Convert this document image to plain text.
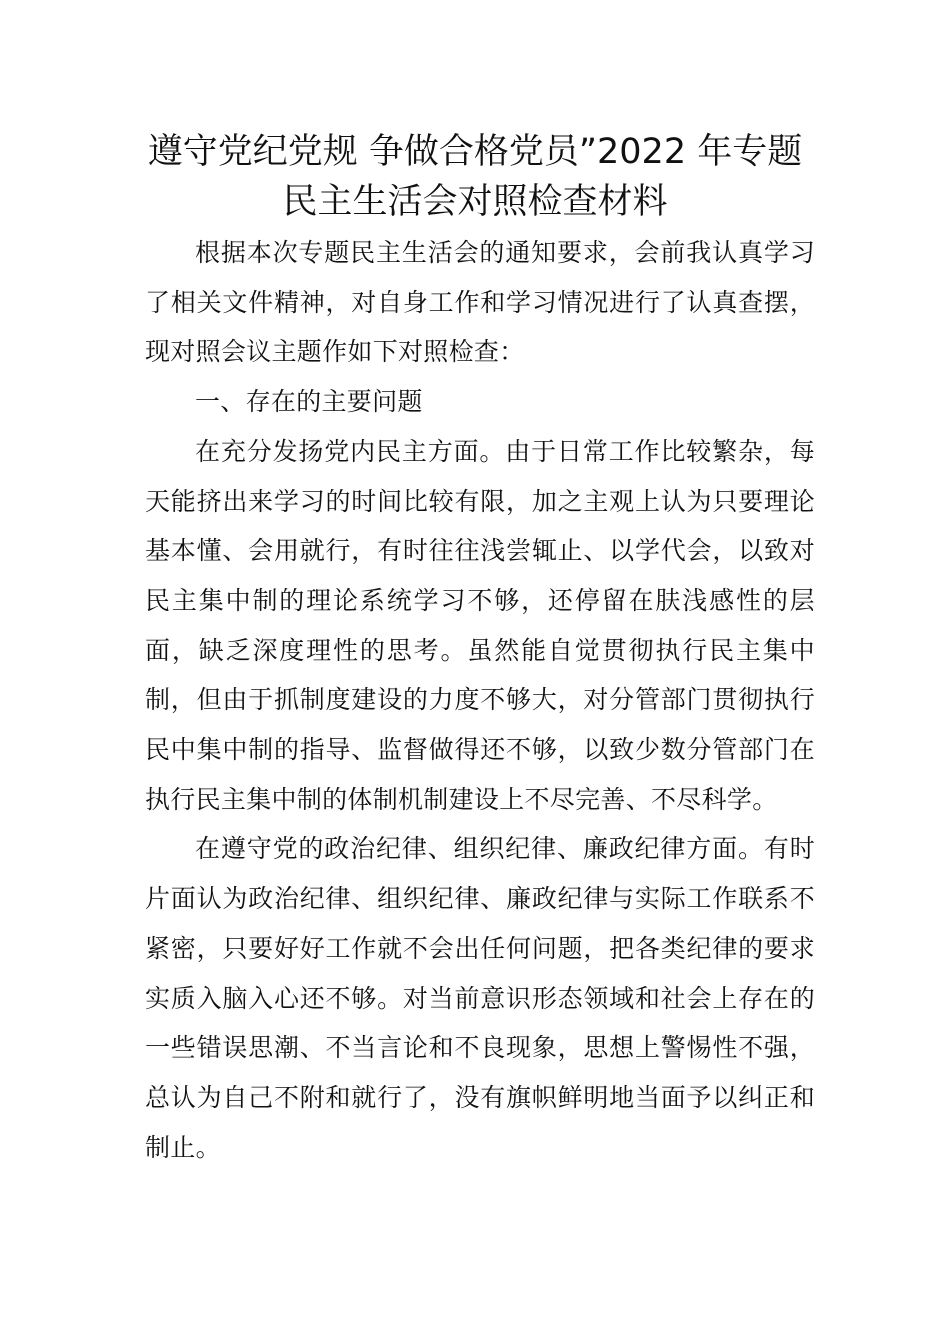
遵守党纪党规 争做合格党员”2022 年专题
民主生活会对照检查材料

根据本次专题民主生活会的通知要求，会前我认真学习了相关文件精神，对自身工作和学习情况进行了认真查摆，现对照会议主题作如下对照检查：

一、存在的主要问题

在充分发扬党内民主方面。由于日常工作比较繁杂，每天能挤出来学习的时间比较有限，加之主观上认为只要理论基本懂、会用就行，有时往往浅尝辄止、以学代会，以致对民主集中制的理论系统学习不够，还停留在肤浅感性的层面，缺乏深度理性的思考。虽然能自觉贯彻执行民主集中制，但由于抓制度建设的力度不够大，对分管部门贯彻执行民中集中制的指导、监督做得还不够，以致少数分管部门在执行民主集中制的体制机制建设上不尽完善、不尽科学。

在遵守党的政治纪律、组织纪律、廉政纪律方面。有时片面认为政治纪律、组织纪律、廉政纪律与实际工作联系不紧密，只要好好工作就不会出任何问题，把各类纪律的要求实质入脑入心还不够。对当前意识形态领域和社会上存在的一些错误思潮、不当言论和不良现象，思想上警惕性不强，总认为自己不附和就行了，没有旗帜鲜明地当面予以纠正和制止。
